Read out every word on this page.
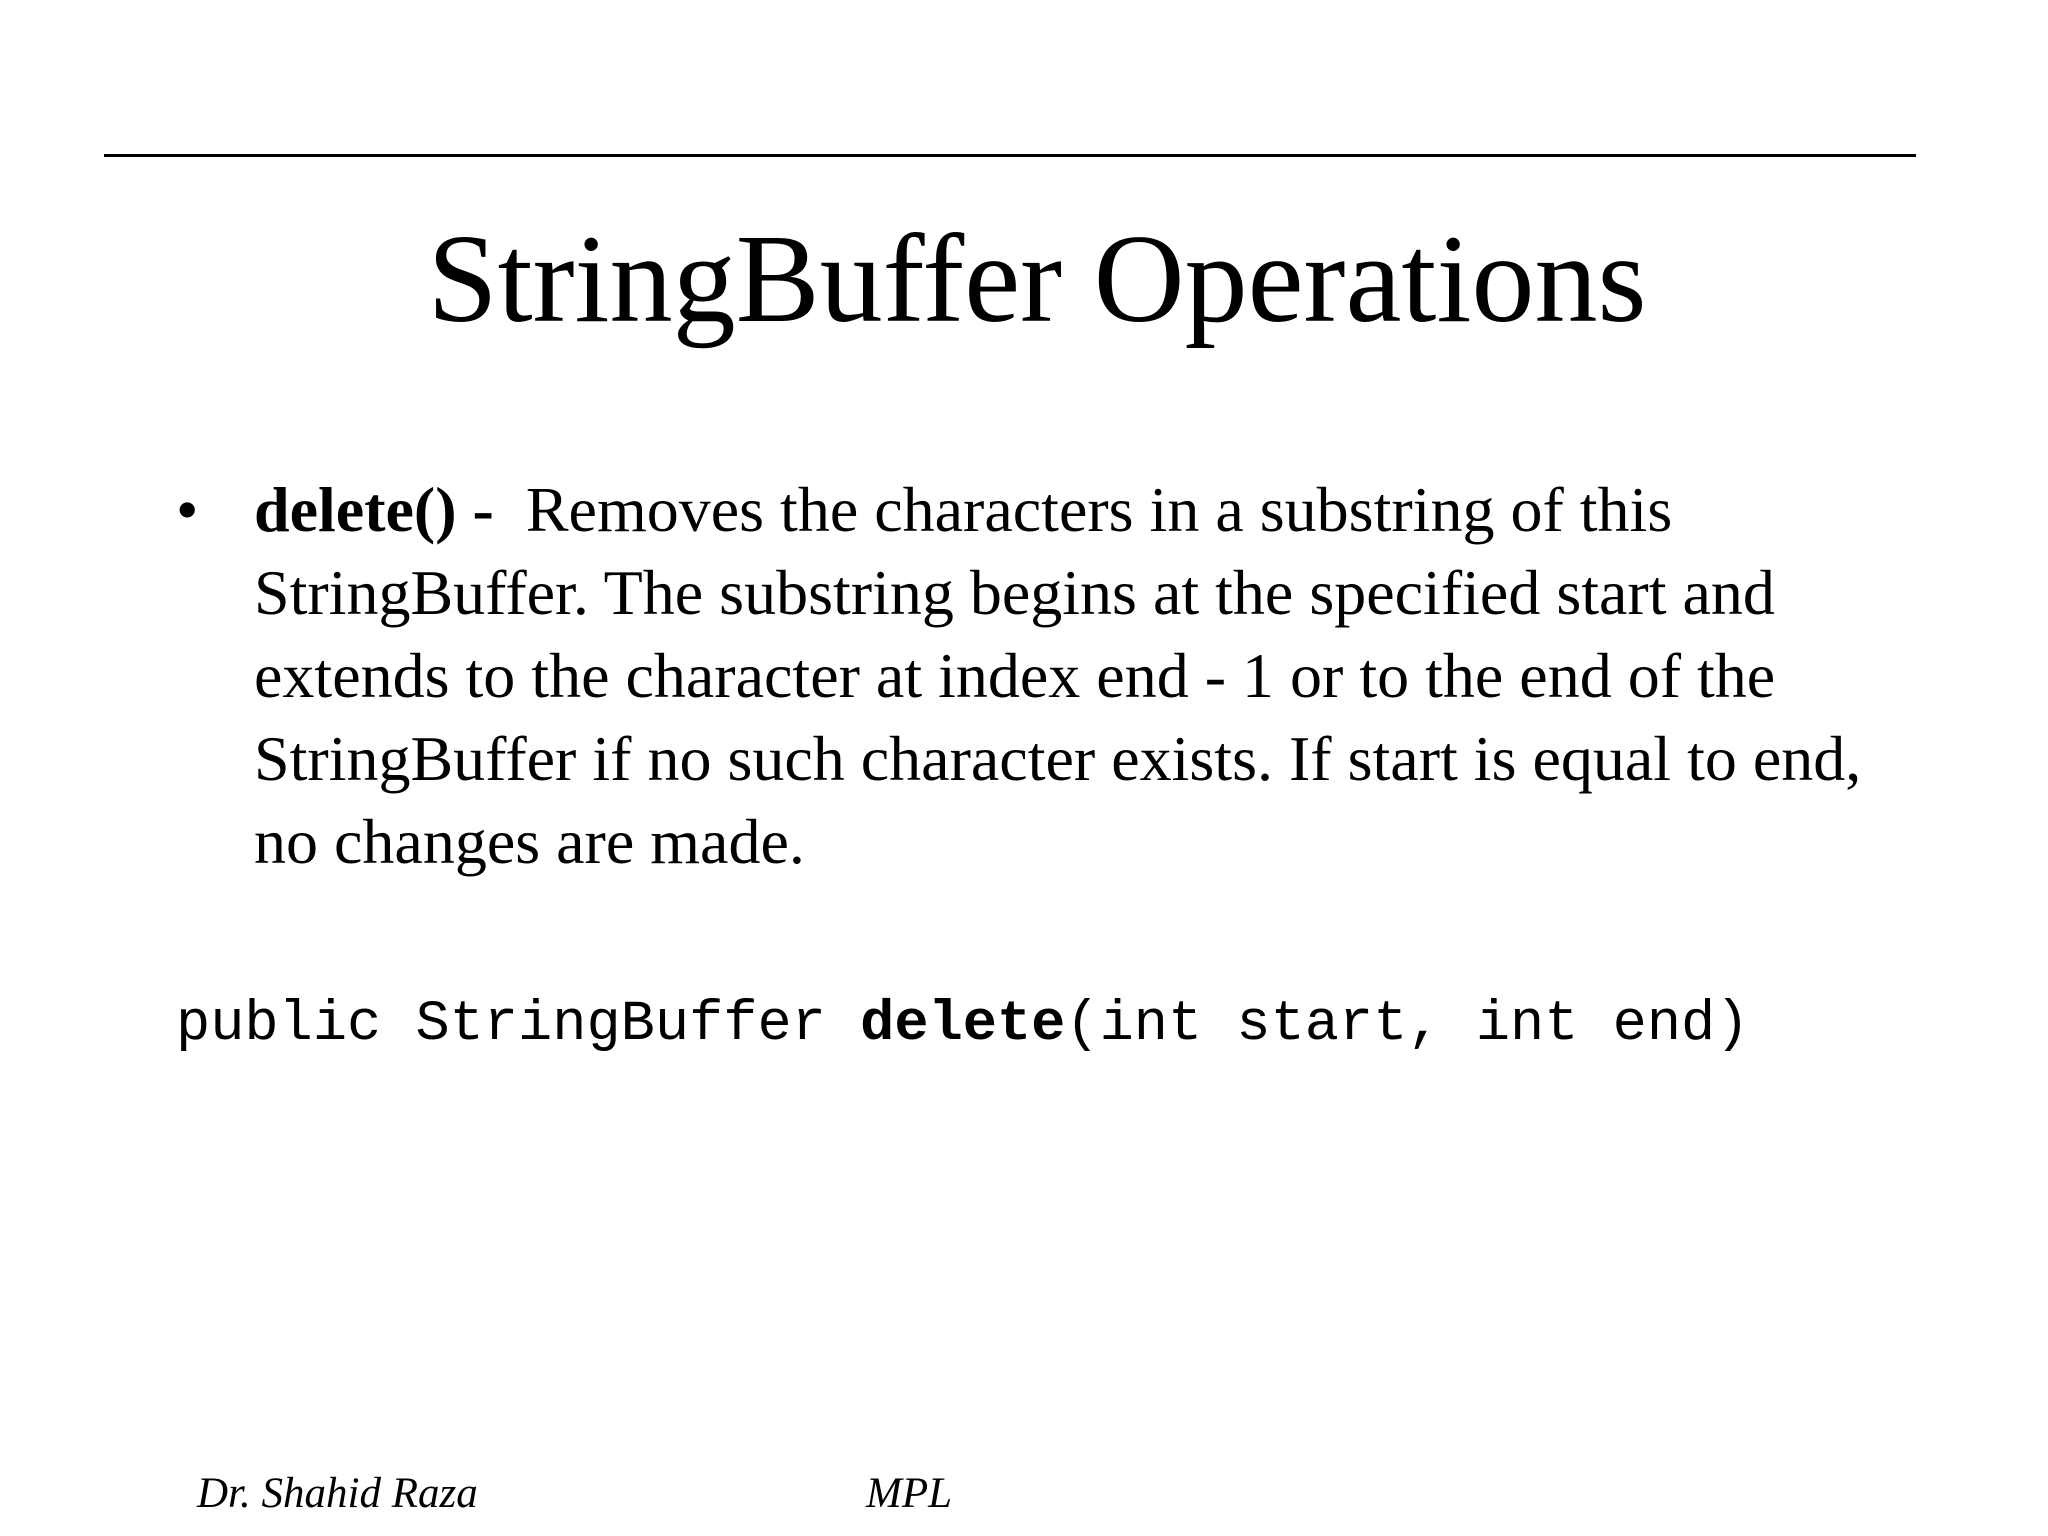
StringBuffer Operations
• delete() - Removes the characters in a substring of this StringBuffer. The substring begins at the specified start and extends to the character at index end - 1 or to the end of the StringBuffer if no such character exists. If start is equal to end, no changes are made.
public StringBuffer delete(int start, int end)
Dr. Shahid Raza	MPL
